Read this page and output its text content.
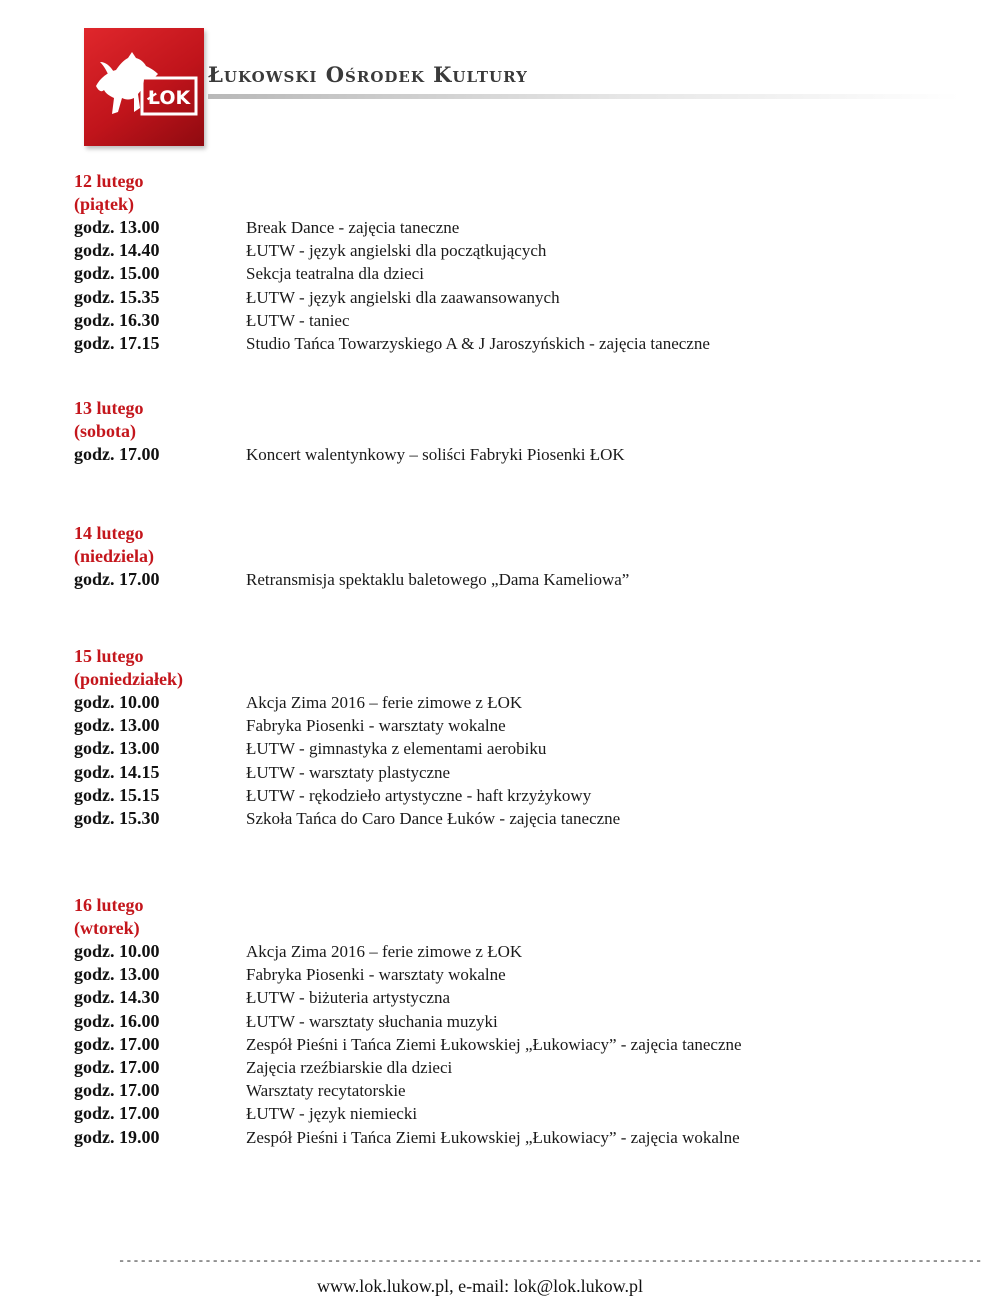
ŁOK
Łukowski Ośrodek Kultury
12 lutego
(piątek)
godz. 13.00	Break Dance - zajęcia taneczne
godz. 14.40	ŁUTW - język angielski dla początkujących
godz. 15.00	Sekcja teatralna dla dzieci
godz. 15.35	ŁUTW - język angielski dla zaawansowanych
godz. 16.30	ŁUTW - taniec
godz. 17.15	Studio Tańca Towarzyskiego A & J Jaroszyńskich - zajęcia taneczne
13 lutego
(sobota)
godz. 17.00	Koncert walentynkowy – soliści Fabryki Piosenki ŁOK
14 lutego
(niedziela)
godz. 17.00	Retransmisja spektaklu baletowego „Dama Kameliowa”
15 lutego
(poniedziałek)
godz. 10.00	Akcja Zima 2016 – ferie zimowe z ŁOK
godz. 13.00	Fabryka Piosenki - warsztaty wokalne
godz. 13.00	ŁUTW - gimnastyka z elementami aerobiku
godz. 14.15	ŁUTW - warsztaty plastyczne
godz. 15.15	ŁUTW - rękodzieło artystyczne - haft krzyżykowy
godz. 15.30	Szkoła Tańca do Caro Dance Łuków - zajęcia taneczne
16 lutego
(wtorek)
godz. 10.00	Akcja Zima 2016 – ferie zimowe z ŁOK
godz. 13.00	Fabryka Piosenki - warsztaty wokalne
godz. 14.30	ŁUTW - biżuteria artystyczna
godz. 16.00	ŁUTW - warsztaty słuchania muzyki
godz. 17.00	Zespół Pieśni i Tańca Ziemi Łukowskiej „Łukowiacy” - zajęcia taneczne
godz. 17.00	Zajęcia rzeźbiarskie dla dzieci
godz. 17.00	Warsztaty recytatorskie
godz. 17.00	ŁUTW - język niemiecki
godz. 19.00	Zespół Pieśni i Tańca Ziemi Łukowskiej „Łukowiacy” - zajęcia wokalne
------------------------------------------------------------------------------------------------------------------------
www.lok.lukow.pl, e-mail: lok@lok.lukow.pl
